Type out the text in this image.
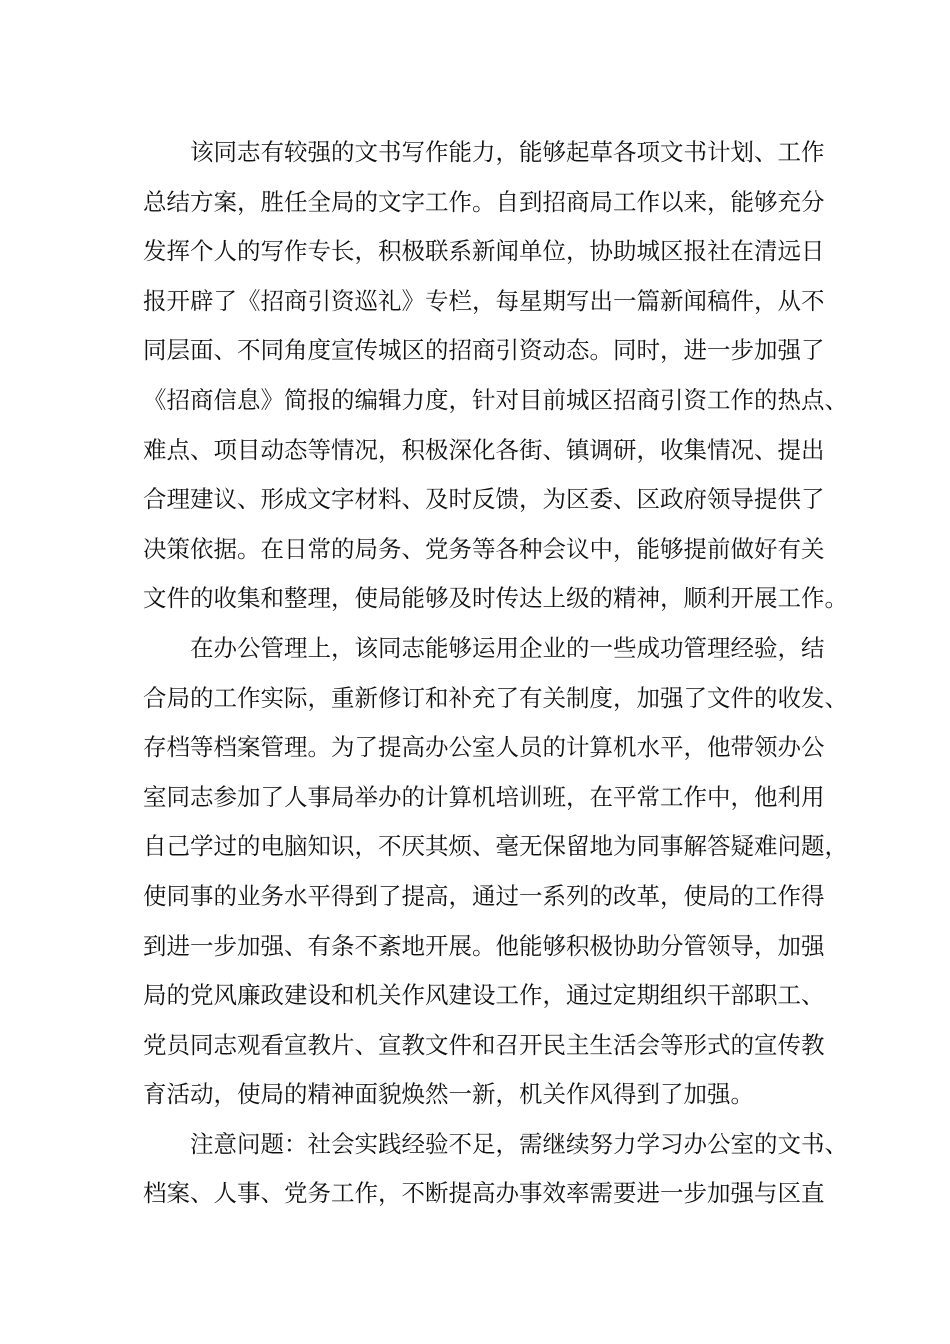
该同志有较强的文书写作能力，能够起草各项文书计划、工作
总结方案，胜任全局的文字工作。自到招商局工作以来，能够充分
发挥个人的写作专长，积极联系新闻单位，协助城区报社在清远日
报开辟了《招商引资巡礼》专栏，每星期写出一篇新闻稿件，从不
同层面、不同角度宣传城区的招商引资动态。同时，进一步加强了
《招商信息》简报的编辑力度，针对目前城区招商引资工作的热点、
难点、项目动态等情况，积极深化各街、镇调研，收集情况、提出
合理建议、形成文字材料、及时反馈，为区委、区政府领导提供了
决策依据。在日常的局务、党务等各种会议中，能够提前做好有关
文件的收集和整理，使局能够及时传达上级的精神，顺利开展工作。
在办公管理上，该同志能够运用企业的一些成功管理经验，结
合局的工作实际，重新修订和补充了有关制度，加强了文件的收发、
存档等档案管理。为了提高办公室人员的计算机水平，他带领办公
室同志参加了人事局举办的计算机培训班，在平常工作中，他利用
自己学过的电脑知识，不厌其烦、毫无保留地为同事解答疑难问题，
使同事的业务水平得到了提高，通过一系列的改革，使局的工作得
到进一步加强、有条不紊地开展。他能够积极协助分管领导，加强
局的党风廉政建设和机关作风建设工作，通过定期组织干部职工、
党员同志观看宣教片、宣教文件和召开民主生活会等形式的宣传教
育活动，使局的精神面貌焕然一新，机关作风得到了加强。
注意问题：社会实践经验不足，需继续努力学习办公室的文书、
档案、人事、党务工作，不断提高办事效率需要进一步加强与区直
